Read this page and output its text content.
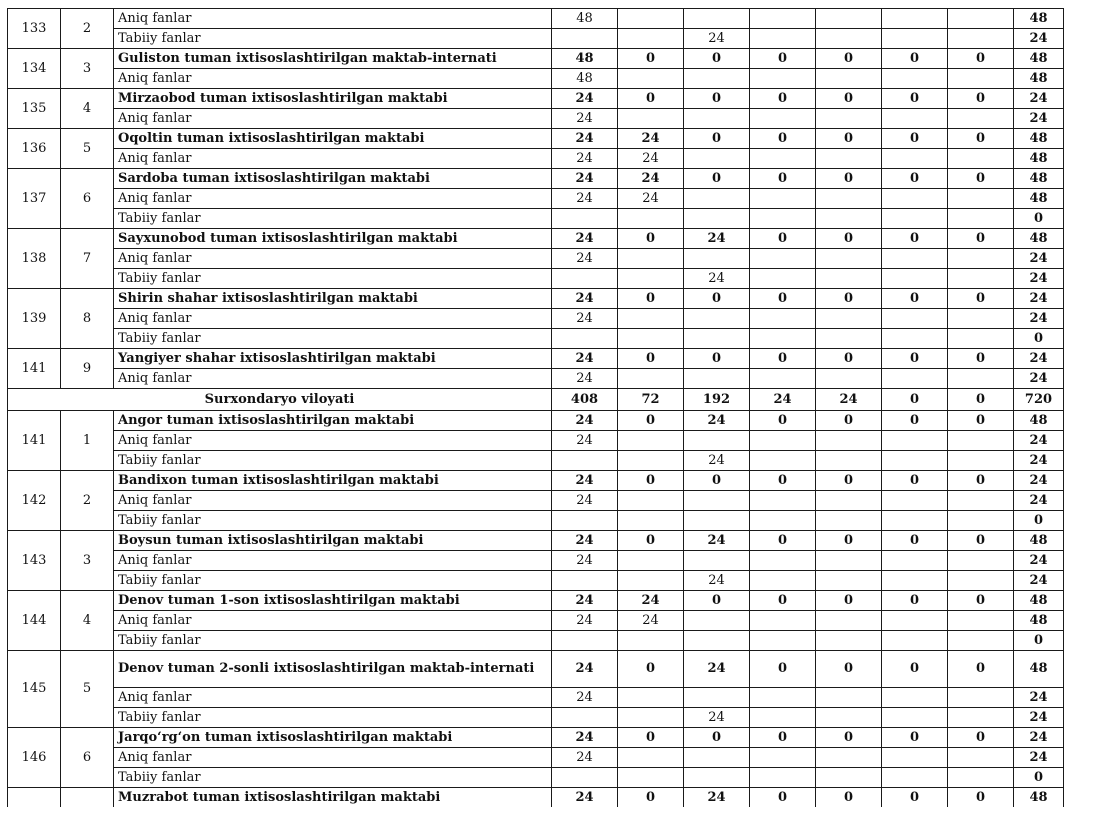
133	2	Aniq fanlar	48							48
		Tabiiy fanlar			24					24
134	3	Guliston tuman ixtisoslashtirilgan maktab-internati	48	0	0	0	0	0	0	48
		Aniq fanlar	48							48
135	4	Mirzaobod tuman ixtisoslashtirilgan maktabi	24	0	0	0	0	0	0	24
		Aniq fanlar	24							24
136	5	Oqoltin tuman ixtisoslashtirilgan maktabi	24	24	0	0	0	0	0	48
		Aniq fanlar	24	24						48
137	6	Sardoba tuman ixtisoslashtirilgan maktabi	24	24	0	0	0	0	0	48
		Aniq fanlar	24	24						48
		Tabiiy fanlar								0
138	7	Sayxunobod tuman ixtisoslashtirilgan maktabi	24	0	24	0	0	0	0	48
		Aniq fanlar	24							24
		Tabiiy fanlar			24					24
139	8	Shirin shahar ixtisoslashtirilgan maktabi	24	0	0	0	0	0	0	24
		Aniq fanlar	24							24
		Tabiiy fanlar								0
141	9	Yangiyer shahar ixtisoslashtirilgan maktabi	24	0	0	0	0	0	0	24
		Aniq fanlar	24							24
Surxondaryo viloyati			408	72	192	24	24	0	0	720
141	1	Angor tuman ixtisoslashtirilgan maktabi	24	0	24	0	0	0	0	48
		Aniq fanlar	24							24
		Tabiiy fanlar			24					24
142	2	Bandixon tuman ixtisoslashtirilgan maktabi	24	0	0	0	0	0	0	24
		Aniq fanlar	24							24
		Tabiiy fanlar								0
143	3	Boysun tuman ixtisoslashtirilgan maktabi	24	0	24	0	0	0	0	48
		Aniq fanlar	24							24
		Tabiiy fanlar			24					24
144	4	Denov tuman 1-son ixtisoslashtirilgan maktabi	24	24	0	0	0	0	0	48
		Aniq fanlar	24	24						48
		Tabiiy fanlar								0
145	5	Denov tuman 2-sonli ixtisoslashtirilgan maktab-internati	24	0	24	0	0	0	0	48
		Aniq fanlar	24							24
		Tabiiy fanlar			24					24
146	6	Jarqo‘rg‘on tuman ixtisoslashtirilgan maktabi	24	0	0	0	0	0	0	24
		Aniq fanlar	24							24
		Tabiiy fanlar								0
		Muzrabot tuman ixtisoslashtirilgan maktabi	24	0	24	0	0	0	0	48
